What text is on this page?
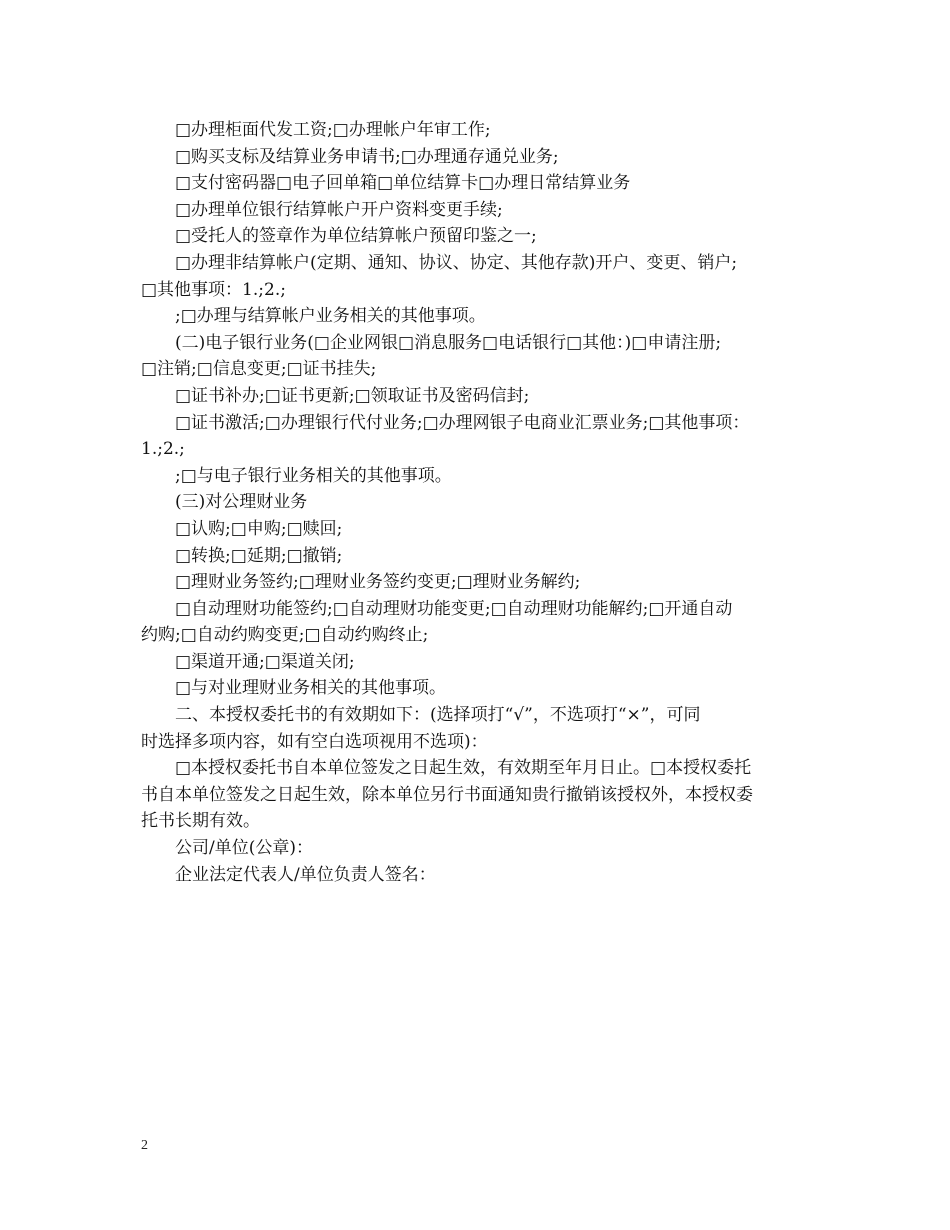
　　□办理柜面代发工资;□办理帐户年审工作;
　　□购买支标及结算业务申请书;□办理通存通兑业务;
　　□支付密码器□电子回单箱□单位结算卡□办理日常结算业务
　　□办理单位银行结算帐户开户资料变更手续;
　　□受托人的签章作为单位结算帐户预留印鉴之一;
　　□办理非结算帐户(定期、通知、协议、协定、其他存款)开户、变更、销户;
□其他事项：1.;2.;
　　;□办理与结算帐户业务相关的其他事项。
　　(二)电子银行业务(□企业网银□消息服务□电话银行□其他：)□申请注册;
□注销;□信息变更;□证书挂失;
　　□证书补办;□证书更新;□领取证书及密码信封;
　　□证书激活;□办理银行代付业务;□办理网银子电商业汇票业务;□其他事项：
1.;2.;
　　;□与电子银行业务相关的其他事项。
　　(三)对公理财业务
　　□认购;□申购;□赎回;
　　□转换;□延期;□撤销;
　　□理财业务签约;□理财业务签约变更;□理财业务解约;
　　□自动理财功能签约;□自动理财功能变更;□自动理财功能解约;□开通自动
约购;□自动约购变更;□自动约购终止;
　　□渠道开通;□渠道关闭;
　　□与对业理财业务相关的其他事项。
　　二、本授权委托书的有效期如下：(选择项打“√”，不选项打“×”，可同
时选择多项内容，如有空白选项视用不选项)：
　　□本授权委托书自本单位签发之日起生效，有效期至年月日止。□本授权委托
书自本单位签发之日起生效，除本单位另行书面通知贵行撤销该授权外，本授权委
托书长期有效。
　　公司/单位(公章)：
　　企业法定代表人/单位负责人签名：
2
